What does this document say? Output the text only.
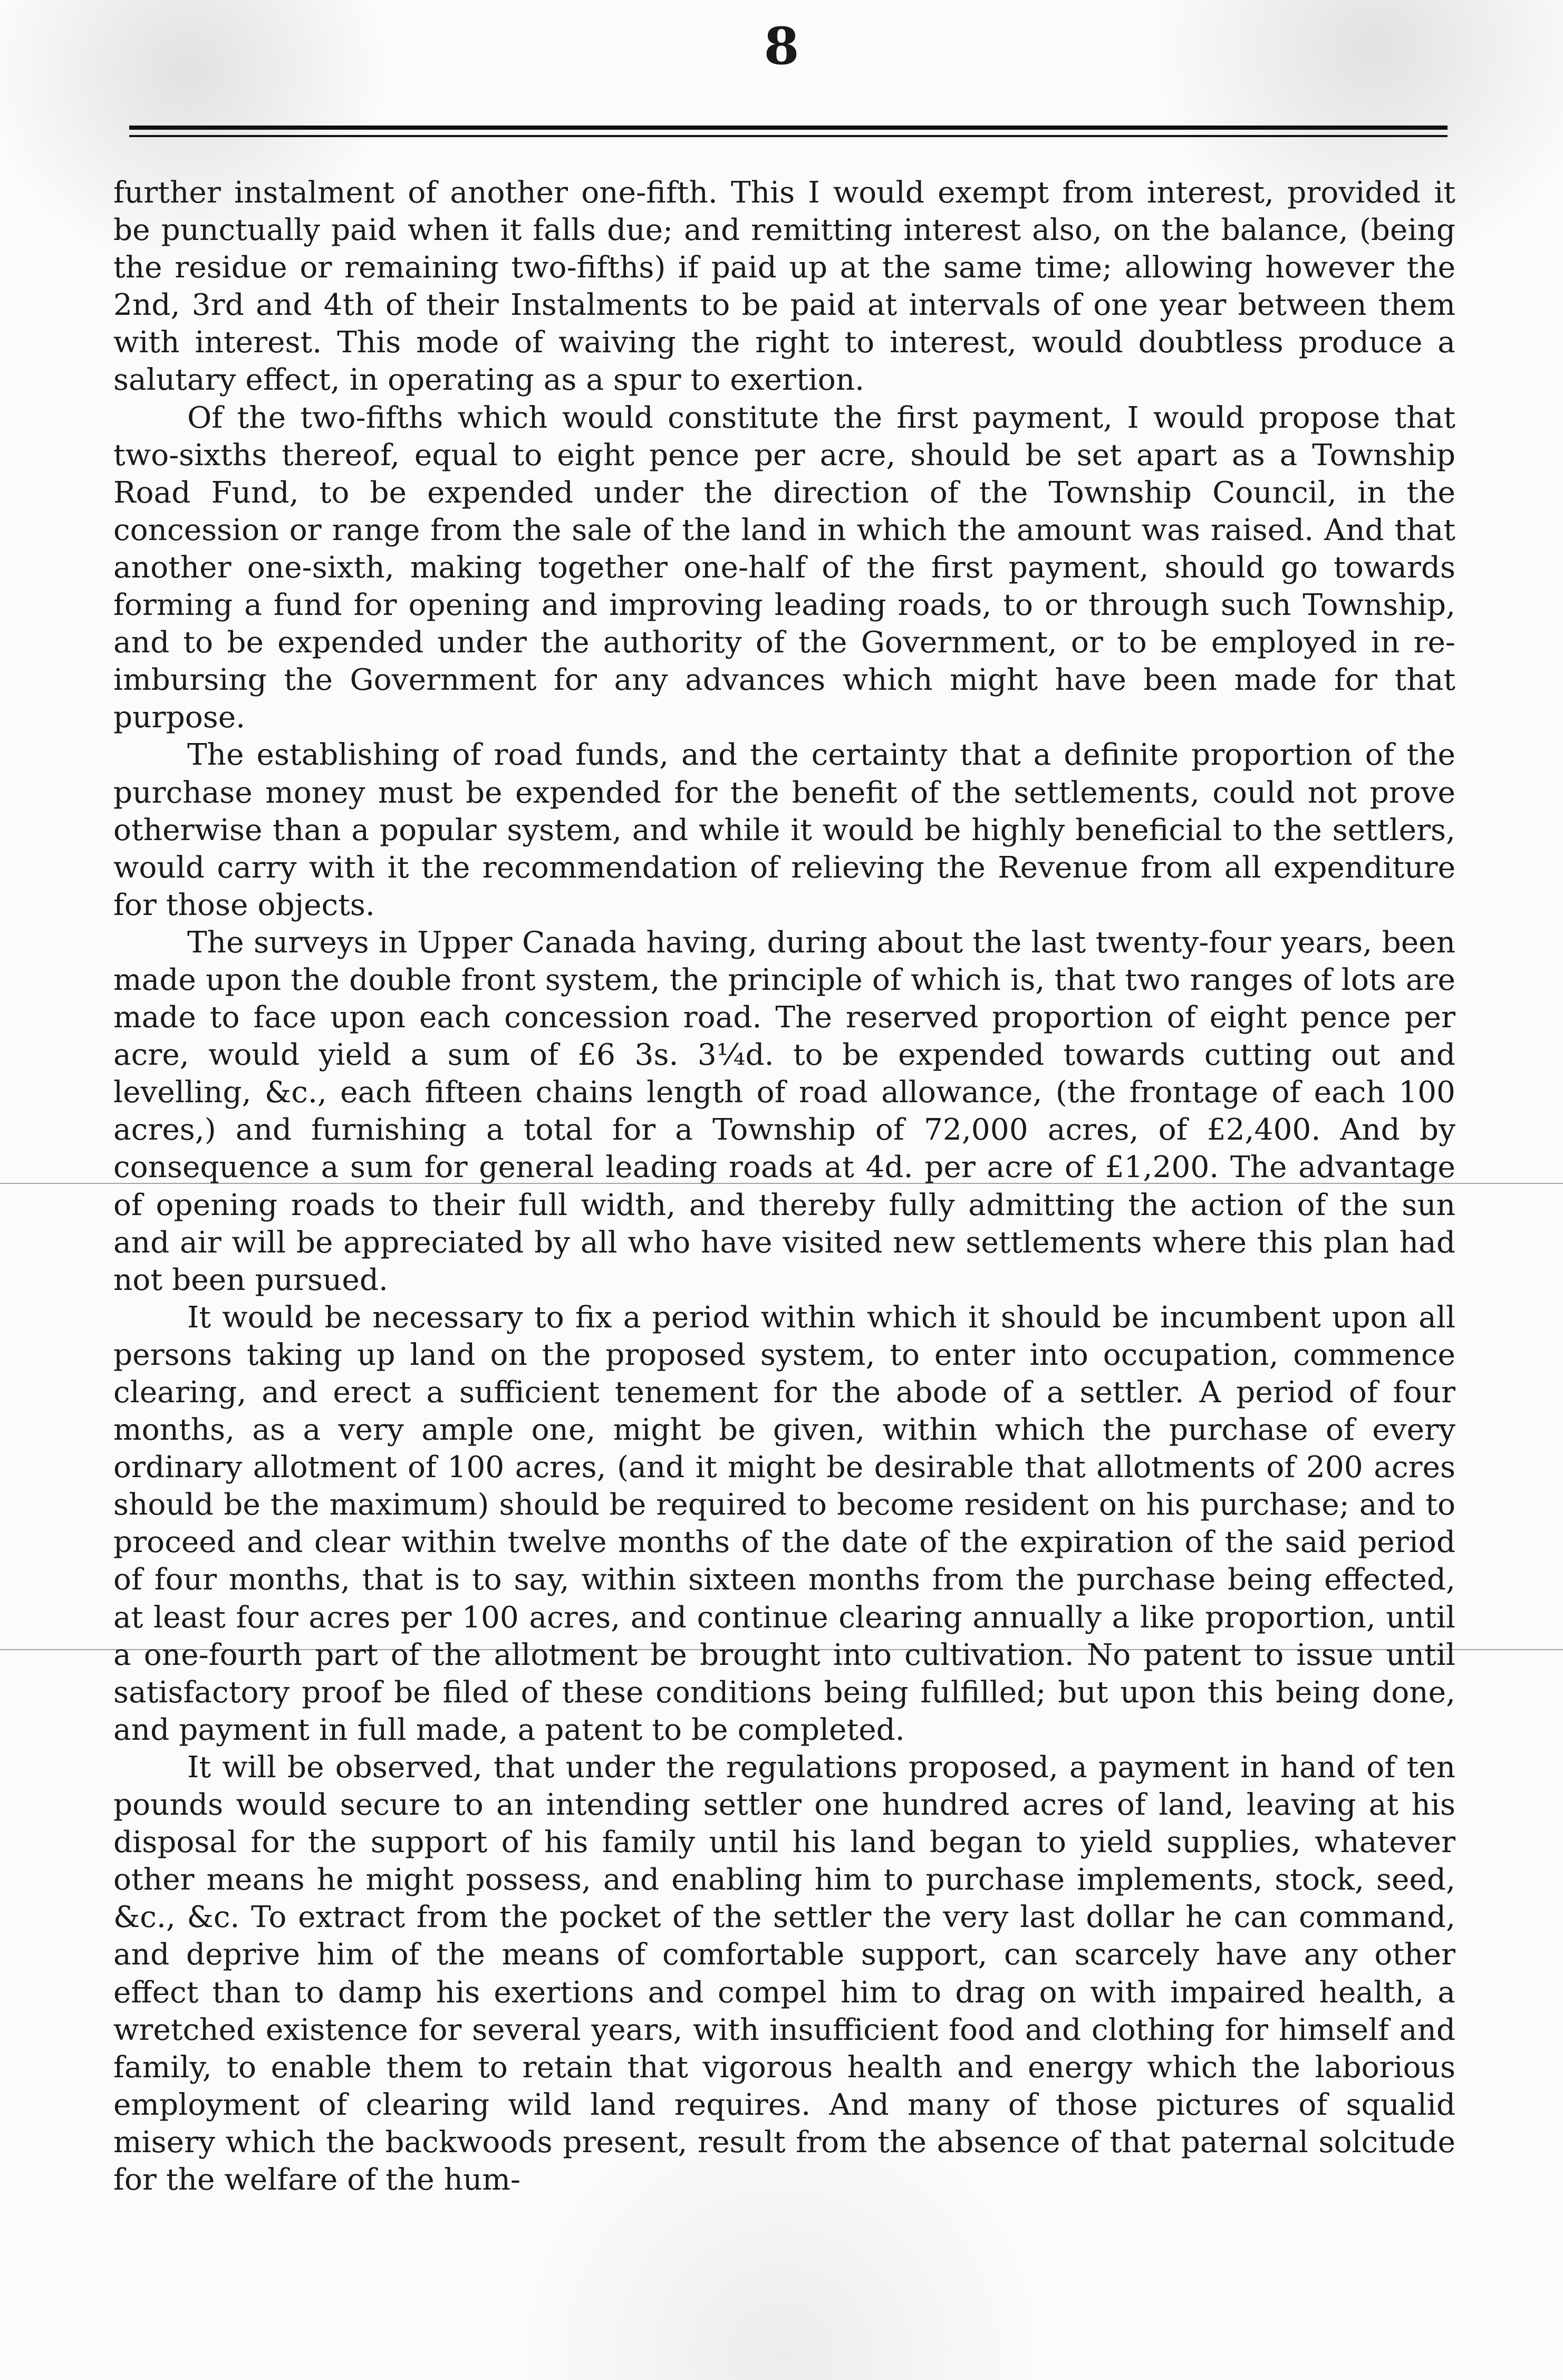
8

further instalment of another one-fifth. This I would exempt from interest, provided it be punctually paid when it falls due; and remitting interest also, on the balance, (being the residue or remaining two-fifths) if paid up at the same time; allowing however the 2nd, 3rd and 4th of their Instalments to be paid at intervals of one year between them with interest. This mode of waiving the right to interest, would doubtless produce a salutary effect, in operating as a spur to exertion.

Of the two-fifths which would constitute the first payment, I would propose that two-sixths thereof, equal to eight pence per acre, should be set apart as a Township Road Fund, to be expended under the direction of the Township Council, in the concession or range from the sale of the land in which the amount was raised. And that another one-sixth, making together one-half of the first payment, should go towards forming a fund for opening and improving leading roads, to or through such Township, and to be expended under the authority of the Government, or to be employed in re-imbursing the Government for any advances which might have been made for that purpose.

The establishing of road funds, and the certainty that a definite proportion of the purchase money must be expended for the benefit of the settlements, could not prove otherwise than a popular system, and while it would be highly beneficial to the settlers, would carry with it the recommendation of relieving the Revenue from all expenditure for those objects.

The surveys in Upper Canada having, during about the last twenty-four years, been made upon the double front system, the principle of which is, that two ranges of lots are made to face upon each concession road. The reserved proportion of eight pence per acre, would yield a sum of £6 3s. 3¼d. to be expended towards cutting out and levelling, &c., each fifteen chains length of road allowance, (the frontage of each 100 acres,) and furnishing a total for a Township of 72,000 acres, of £2,400. And by consequence a sum for general leading roads at 4d. per acre of £1,200. The advantage of opening roads to their full width, and thereby fully admitting the action of the sun and air will be appreciated by all who have visited new settlements where this plan had not been pursued.

It would be necessary to fix a period within which it should be incumbent upon all persons taking up land on the proposed system, to enter into occupation, commence clearing, and erect a sufficient tenement for the abode of a settler. A period of four months, as a very ample one, might be given, within which the purchase of every ordinary allotment of 100 acres, (and it might be desirable that allotments of 200 acres should be the maximum) should be required to become resident on his purchase; and to proceed and clear within twelve months of the date of the expiration of the said period of four months, that is to say, within sixteen months from the purchase being effected, at least four acres per 100 acres, and continue clearing annually a like proportion, until a one-fourth part of the allotment be brought into cultivation. No patent to issue until satisfactory proof be filed of these conditions being fulfilled; but upon this being done, and payment in full made, a patent to be completed.

It will be observed, that under the regulations proposed, a payment in hand of ten pounds would secure to an intending settler one hundred acres of land, leaving at his disposal for the support of his family until his land began to yield supplies, whatever other means he might possess, and enabling him to purchase implements, stock, seed, &c., &c. To extract from the pocket of the settler the very last dollar he can command, and deprive him of the means of comfortable support, can scarcely have any other effect than to damp his exertions and compel him to drag on with impaired health, a wretched existence for several years, with insufficient food and clothing for himself and family, to enable them to retain that vigorous health and energy which the laborious employment of clearing wild land requires. And many of those pictures of squalid misery which the backwoods present, result from the absence of that paternal solcitude for the welfare of the hum-
